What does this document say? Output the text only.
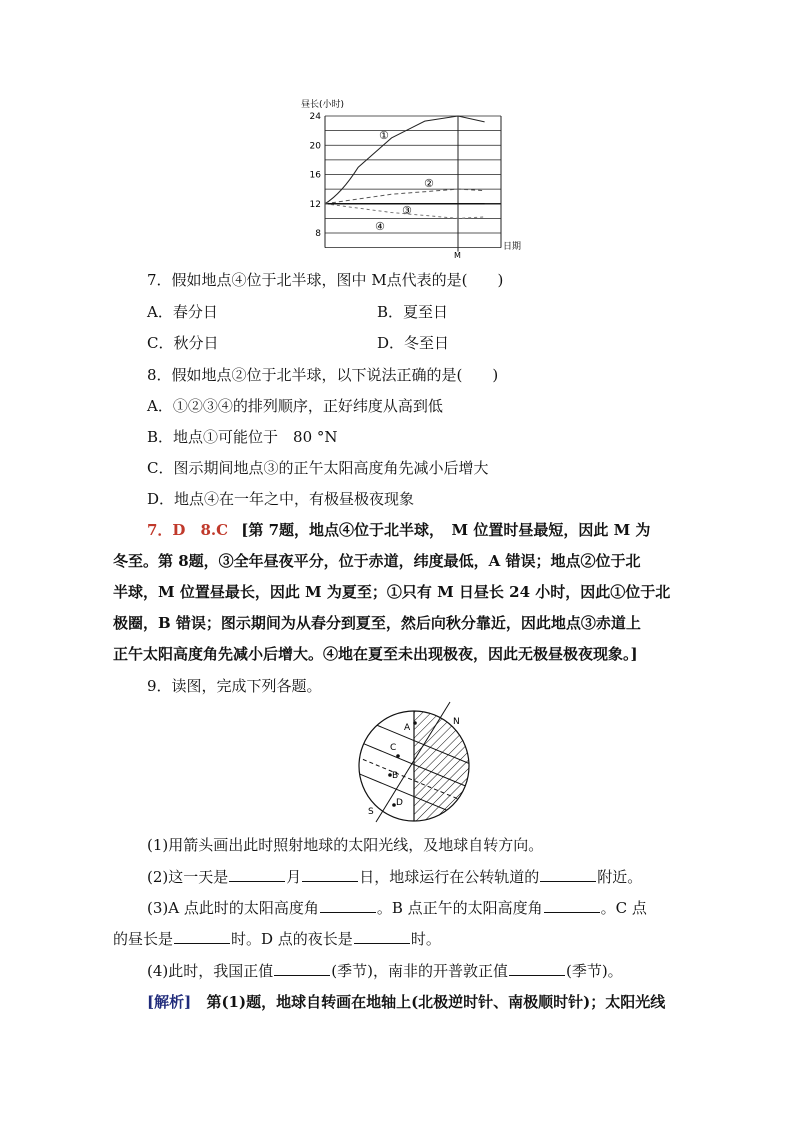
昼长(小时)
24
20
16
12
8
M
日期
①
②
③
④
7．假如地点④位于北半球，图中 M点代表的是(　　)
A．春分日	B．夏至日
C．秋分日	D．冬至日
8．假如地点②位于北半球，以下说法正确的是(　　)
A．①②③④的排列顺序，正好纬度从高到低
B．地点①可能位于　80 °N
C．图示期间地点③的正午太阳高度角先减小后增大
D．地点④在一年之中，有极昼极夜现象
7．D　8.C [第 7题，地点④位于北半球，　M 位置时昼最短，因此 M 为
冬至。第 8题，③全年昼夜平分，位于赤道，纬度最低，A 错误；地点②位于北
半球，M 位置昼最长，因此 M 为夏至；①只有 M 日昼长 24 小时，因此①位于北
极圈，B 错误；图示期间为从春分到夏至，然后向秋分靠近，因此地点③赤道上
正午太阳高度角先减小后增大。④地在夏至未出现极夜，因此无极昼极夜现象。]
9．读图，完成下列各题。
A
C
B
D
N
S
(1)用箭头画出此时照射地球的太阳光线，及地球自转方向。
(2)这一天是	月	日，地球运行在公转轨道的	附近。
(3)A 点此时的太阳高度角	。B 点正午的太阳高度角	。C 点
的昼长是	时。D 点的夜长是	时。
(4)此时，我国正值	(季节)，南非的开普敦正值	(季节)。
[解析] 第(1)题，地球自转画在地轴上(北极逆时针、南极顺时针)；太阳光线
